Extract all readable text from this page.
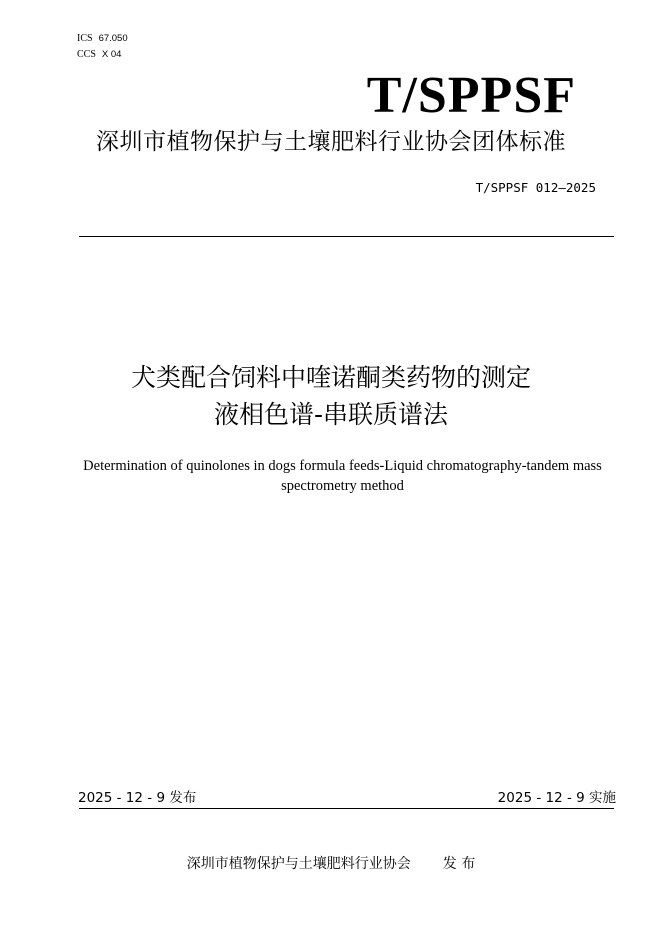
ICS 67.050
CCS X 04
T/SPPSF
深圳市植物保护与土壤肥料行业协会团体标准
T/SPPSF 012—2025
犬类配合饲料中喹诺酮类药物的测定
液相色谱-串联质谱法
Determination of quinolones in dogs formula feeds-Liquid chromatography-tandem mass spectrometry method
2025 - 12 - 9 发布	2025 - 12 - 9 实施
深圳市植物保护与土壤肥料行业协会 发 布
